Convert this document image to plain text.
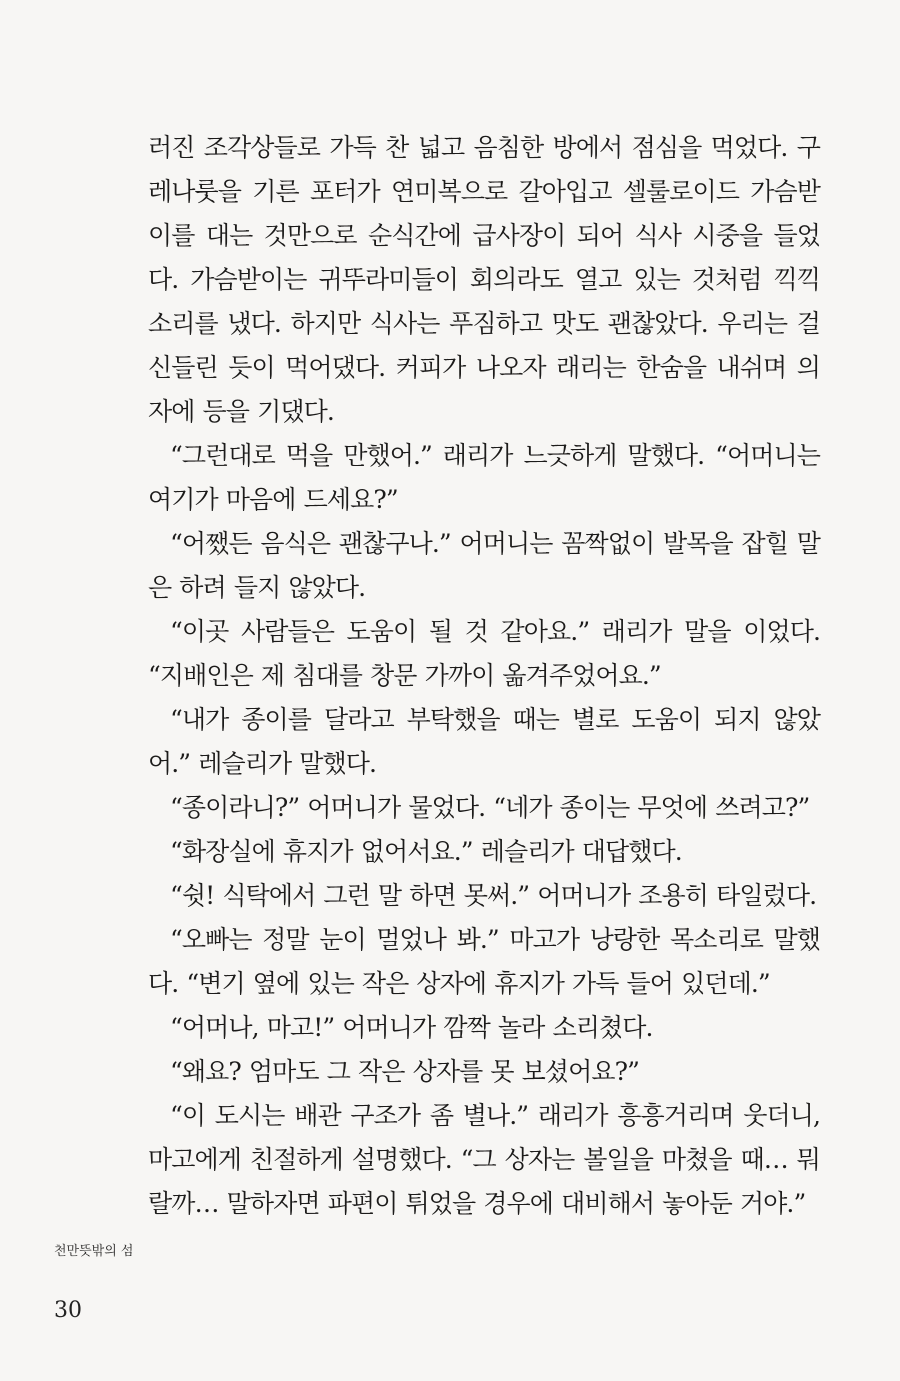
러진 조각상들로 가득 찬 넓고 음침한 방에서 점심을 먹었다. 구레나룻을 기른 포터가 연미복으로 갈아입고 셀룰로이드 가슴받이를 대는 것만으로 순식간에 급사장이 되어 식사 시중을 들었다. 가슴받이는 귀뚜라미들이 회의라도 열고 있는 것처럼 끽끽 소리를 냈다. 하지만 식사는 푸짐하고 맛도 괜찮았다. 우리는 걸신들린 듯이 먹어댔다. 커피가 나오자 래리는 한숨을 내쉬며 의자에 등을 기댔다.

“그런대로 먹을 만했어.” 래리가 느긋하게 말했다. “어머니는 여기가 마음에 드세요?”

“어쨌든 음식은 괜찮구나.” 어머니는 꼼짝없이 발목을 잡힐 말은 하려 들지 않았다.

“이곳 사람들은 도움이 될 것 같아요.” 래리가 말을 이었다. “지배인은 제 침대를 창문 가까이 옮겨주었어요.”

“내가 종이를 달라고 부탁했을 때는 별로 도움이 되지 않았어.” 레슬리가 말했다.

“종이라니?” 어머니가 물었다. “네가 종이는 무엇에 쓰려고?”

“화장실에 휴지가 없어서요.” 레슬리가 대답했다.

“쉿! 식탁에서 그런 말 하면 못써.” 어머니가 조용히 타일렀다.

“오빠는 정말 눈이 멀었나 봐.” 마고가 낭랑한 목소리로 말했다. “변기 옆에 있는 작은 상자에 휴지가 가득 들어 있던데.”

“어머나, 마고!” 어머니가 깜짝 놀라 소리쳤다.

“왜요? 엄마도 그 작은 상자를 못 보셨어요?”

“이 도시는 배관 구조가 좀 별나.” 래리가 흥흥거리며 웃더니, 마고에게 친절하게 설명했다. “그 상자는 볼일을 마쳤을 때… 뭐랄까… 말하자면 파편이 튀었을 경우에 대비해서 놓아둔 거야.”

천만뜻밖의 섬
30
